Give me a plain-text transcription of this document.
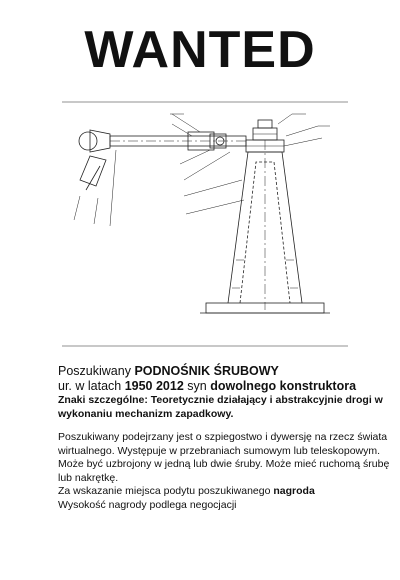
WANTED
Poszukiwany PODNOŚNIK ŚRUBOWY
ur. w latach 1950 2012 syn dowolnego konstruktora
Znaki szczególne: Teoretycznie działający i abstrakcyjnie drogi w
wykonaniu mechanizm zapadkowy.
Poszukiwany podejrzany jest o szpiegostwo i dywersję na rzecz świata
wirtualnego. Występuje w przebraniach sumowym lub teleskopowym.
Może być uzbrojony w jedną lub dwie śruby. Może mieć ruchomą śrubę
lub nakrętkę.
Za wskazanie miejsca podytu poszukiwanego nagroda
Wysokość nagrody podlega negocjacji
